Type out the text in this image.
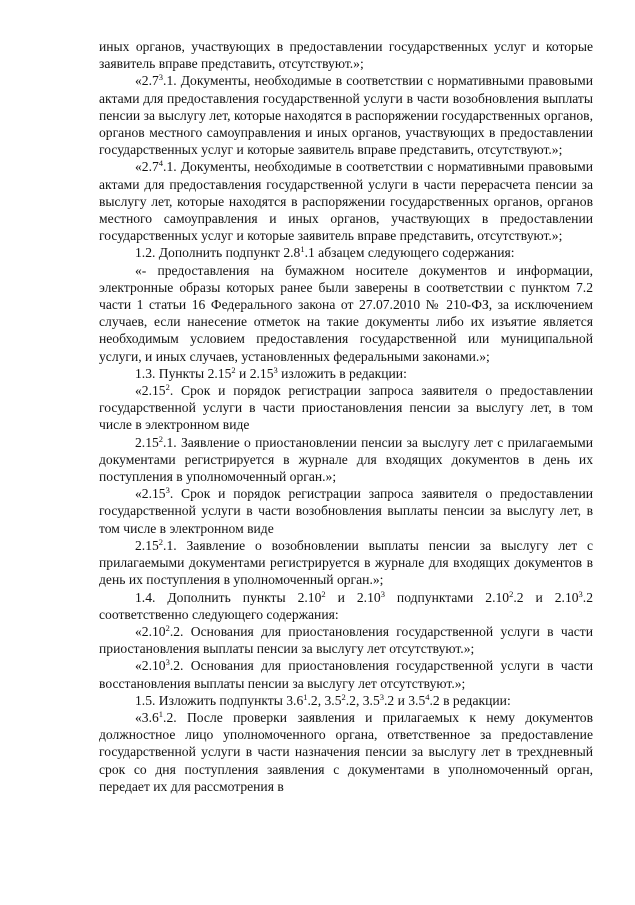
иных органов, участвующих в предоставлении государственных услуг и которые заявитель вправе представить, отсутствуют.»;

«$2.7^3.1$. Документы, необходимые в соответствии с нормативными правовыми актами для предоставления государственной услуги в части возобновления выплаты пенсии за выслугу лет, которые находятся в распоряжении государственных органов, органов местного самоуправления и иных органов, участвующих в предоставлении государственных услуг и которые заявитель вправе представить, отсутствуют.»;

«$2.7^4.1$. Документы, необходимые в соответствии с нормативными правовыми актами для предоставления государственной услуги в части перерасчета пенсии за выслугу лет, которые находятся в распоряжении государственных органов, органов местного самоуправления и иных органов, участвующих в предоставлении государственных услуг и которые заявитель вправе представить, отсутствуют.»;

1.2. Дополнить подпункт $2.8^1.1$ абзацем следующего содержания:

«- предоставления на бумажном носителе документов и информации, электронные образы которых ранее были заверены в соответствии с пунктом 7.2 части 1 статьи 16 Федерального закона от 27.07.2010 № 210-ФЗ, за исключением случаев, если нанесение отметок на такие документы либо их изъятие является необходимым условием предоставления государственной или муниципальной услуги, и иных случаев, установленных федеральными законами.»;

1.3. Пункты 2.15$^2$ и 2.15$^3$ изложить в редакции:

«2.15$^2$. Срок и порядок регистрации запроса заявителя о предоставлении государственной услуги в части приостановления пенсии за выслугу лет, в том числе в электронном виде

2.15$^2$.1. Заявление о приостановлении пенсии за выслугу лет с прилагаемыми документами регистрируется в журнале для входящих документов в день их поступления в уполномоченный орган.»;

«2.15$^3$. Срок и порядок регистрации запроса заявителя о предоставлении государственной услуги в части возобновления выплаты пенсии за выслугу лет, в том числе в электронном виде

2.15$^2$.1. Заявление о возобновлении выплаты пенсии за выслугу лет с прилагаемыми документами регистрируется в журнале для входящих документов в день их поступления в уполномоченный орган.»;

1.4. Дополнить пункты 2.10$^2$ и 2.10$^3$ подпунктами 2.10$^2$.2 и 2.10$^3$.2 соответственно следующего содержания:

«2.10$^2$.2. Основания для приостановления государственной услуги в части приостановления выплаты пенсии за выслугу лет отсутствуют.»;

«2.10$^3$.2. Основания для приостановления государственной услуги в части восстановления выплаты пенсии за выслугу лет отсутствуют.»;

1.5. Изложить подпункты $3.6^1.2$, $3.5^2.2$, $3.5^3.2$ и $3.5^4.2$ в редакции:

«$3.6^1.2$. После проверки заявления и прилагаемых к нему документов должностное лицо уполномоченного органа, ответственное за предоставление государственной услуги в части назначения пенсии за выслугу лет в трехдневный срок со дня поступления заявления с документами в уполномоченный орган, передает их для рассмотрения в
